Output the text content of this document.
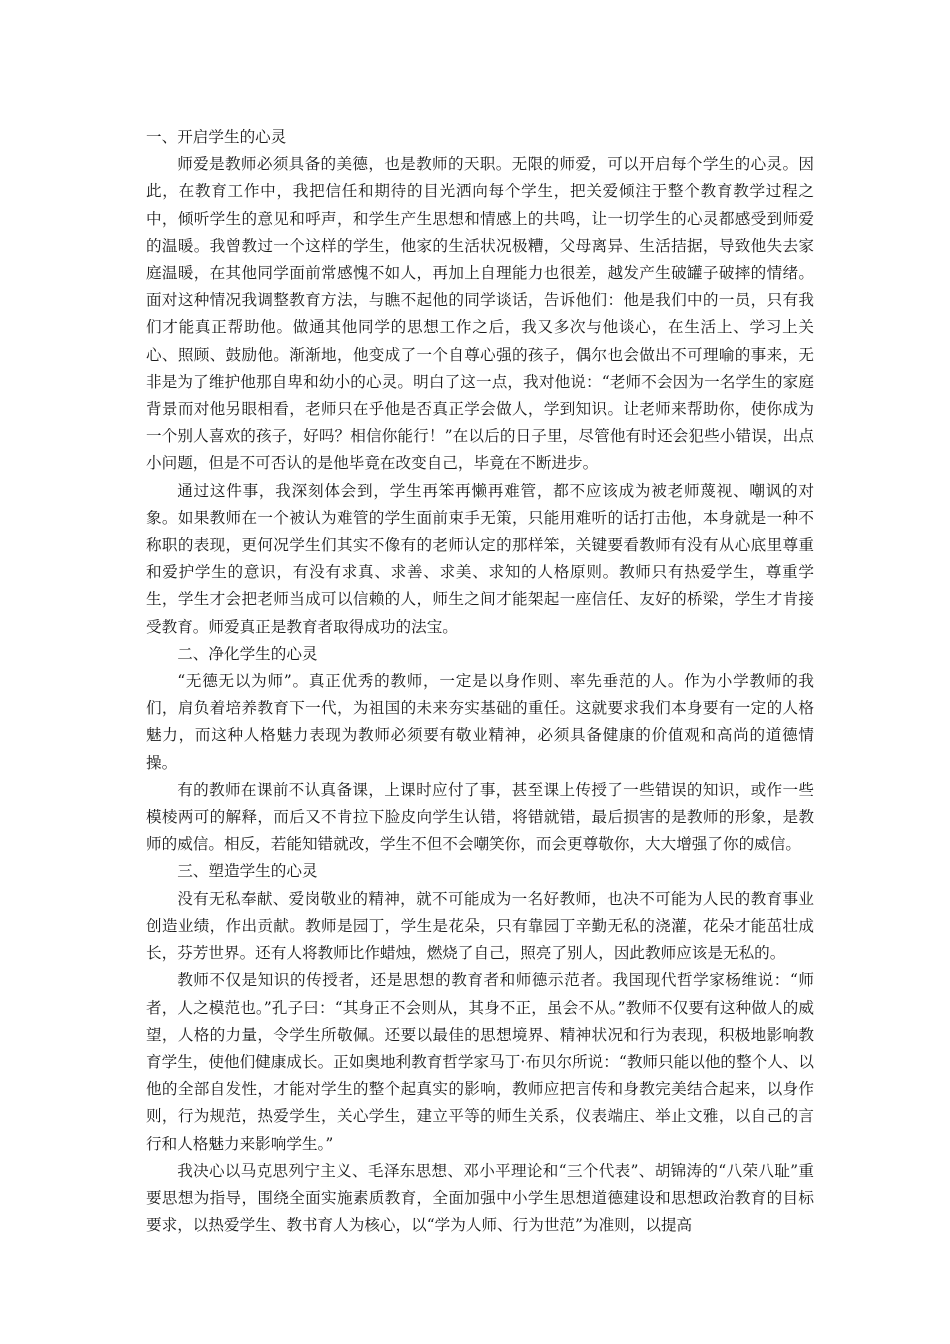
一、开启学生的心灵

师爱是教师必须具备的美德，也是教师的天职。无限的师爱，可以开启每个学生的心灵。因此，在教育工作中，我把信任和期待的目光洒向每个学生，把关爱倾注于整个教育教学过程之中，倾听学生的意见和呼声，和学生产生思想和情感上的共鸣，让一切学生的心灵都感受到师爱的温暖。我曾教过一个这样的学生，他家的生活状况极糟，父母离异、生活拮据，导致他失去家庭温暖，在其他同学面前常感愧不如人，再加上自理能力也很差，越发产生破罐子破摔的情绪。面对这种情况我调整教育方法，与瞧不起他的同学谈话，告诉他们：他是我们中的一员，只有我们才能真正帮助他。做通其他同学的思想工作之后，我又多次与他谈心，在生活上、学习上关心、照顾、鼓励他。渐渐地，他变成了一个自尊心强的孩子，偶尔也会做出不可理喻的事来，无非是为了维护他那自卑和幼小的心灵。明白了这一点，我对他说：“老师不会因为一名学生的家庭背景而对他另眼相看，老师只在乎他是否真正学会做人，学到知识。让老师来帮助你，使你成为一个别人喜欢的孩子，好吗？相信你能行！”在以后的日子里，尽管他有时还会犯些小错误，出点小问题，但是不可否认的是他毕竟在改变自己，毕竟在不断进步。

通过这件事，我深刻体会到，学生再笨再懒再难管，都不应该成为被老师蔑视、嘲讽的对象。如果教师在一个被认为难管的学生面前束手无策，只能用难听的话打击他，本身就是一种不称职的表现，更何况学生们其实不像有的老师认定的那样笨，关键要看教师有没有从心底里尊重和爱护学生的意识，有没有求真、求善、求美、求知的人格原则。教师只有热爱学生，尊重学生，学生才会把老师当成可以信赖的人，师生之间才能架起一座信任、友好的桥梁，学生才肯接受教育。师爱真正是教育者取得成功的法宝。

二、净化学生的心灵

“无德无以为师”。真正优秀的教师，一定是以身作则、率先垂范的人。作为小学教师的我们，肩负着培养教育下一代，为祖国的未来夯实基础的重任。这就要求我们本身要有一定的人格魅力，而这种人格魅力表现为教师必须要有敬业精神，必须具备健康的价值观和高尚的道德情操。

有的教师在课前不认真备课，上课时应付了事，甚至课上传授了一些错误的知识，或作一些模棱两可的解释，而后又不肯拉下脸皮向学生认错，将错就错，最后损害的是教师的形象，是教师的威信。相反，若能知错就改，学生不但不会嘲笑你，而会更尊敬你，大大增强了你的威信。

三、塑造学生的心灵

没有无私奉献、爱岗敬业的精神，就不可能成为一名好教师，也决不可能为人民的教育事业创造业绩，作出贡献。教师是园丁，学生是花朵，只有靠园丁辛勤无私的浇灌，花朵才能茁壮成长，芬芳世界。还有人将教师比作蜡烛，燃烧了自己，照亮了别人，因此教师应该是无私的。

教师不仅是知识的传授者，还是思想的教育者和师德示范者。我国现代哲学家杨维说：“师者，人之模范也。”孔子曰：“其身正不会则从，其身不正，虽会不从。”教师不仅要有这种做人的威望，人格的力量，令学生所敬佩。还要以最佳的思想境界、精神状况和行为表现，积极地影响教育学生，使他们健康成长。正如奥地利教育哲学家马丁·布贝尔所说：“教师只能以他的整个人、以他的全部自发性，才能对学生的整个起真实的影响，教师应把言传和身教完美结合起来，以身作则，行为规范，热爱学生，关心学生，建立平等的师生关系，仪表端庄、举止文雅，以自己的言行和人格魅力来影响学生。”

我决心以马克思列宁主义、毛泽东思想、邓小平理论和“三个代表”、胡锦涛的“八荣八耻”重要思想为指导，围绕全面实施素质教育，全面加强中小学生思想道德建设和思想政治教育的目标要求，以热爱学生、教书育人为核心，以“学为人师、行为世范”为准则，以提高
